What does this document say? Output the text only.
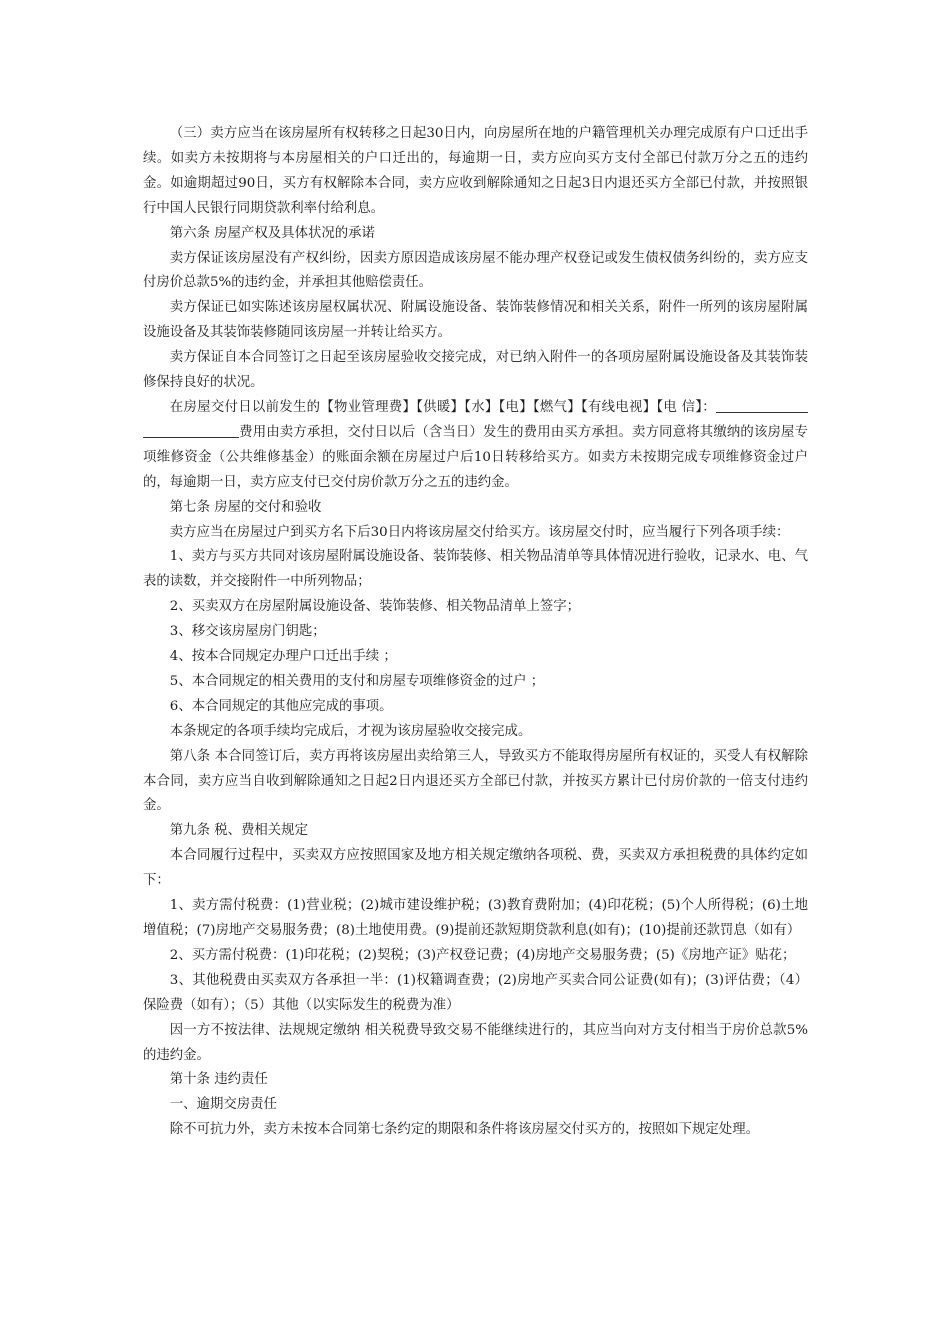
（三）卖方应当在该房屋所有权转移之日起30日内，向房屋所在地的户籍管理机关办理完成原有户口迁出手续。如卖方未按期将与本房屋相关的户口迁出的，每逾期一日，卖方应向买方支付全部已付款万分之五的违约金。如逾期超过90日，买方有权解除本合同，卖方应收到解除通知之日起3日内退还买方全部已付款，并按照银行中国人民银行同期贷款利率付给利息。

第六条 房屋产权及具体状况的承诺

卖方保证该房屋没有产权纠纷，因卖方原因造成该房屋不能办理产权登记或发生债权债务纠纷的，卖方应支付房价总款5%的违约金，并承担其他赔偿责任。

卖方保证已如实陈述该房屋权属状况、附属设施设备、装饰装修情况和相关关系，附件一所列的该房屋附属设施设备及其装饰装修随同该房屋一并转让给买方。

卖方保证自本合同签订之日起至该房屋验收交接完成，对已纳入附件一的各项房屋附属设施设备及其装饰装修保持良好的状况。

在房屋交付日以前发生的【物业管理费】【供暖】【水】【电】【燃气】【有线电视】【电 信】：费用由卖方承担，交付日以后（含当日）发生的费用由买方承担。卖方同意将其缴纳的该房屋专项维修资金（公共维修基金）的账面余额在房屋过户后10日转移给买方。如卖方未按期完成专项维修资金过户的，每逾期一日，卖方应支付已交付房价款万分之五的违约金。

第七条 房屋的交付和验收

卖方应当在房屋过户到买方名下后30日内将该房屋交付给买方。该房屋交付时，应当履行下列各项手续：

1、卖方与买方共同对该房屋附属设施设备、装饰装修、相关物品清单等具体情况进行验收，记录水、电、气表的读数，并交接附件一中所列物品；

2、买卖双方在房屋附属设施设备、装饰装修、相关物品清单上签字；

3、移交该房屋房门钥匙；

4、按本合同规定办理户口迁出手续 ；

5、本合同规定的相关费用的支付和房屋专项维修资金的过户 ；

6、本合同规定的其他应完成的事项。

本条规定的各项手续均完成后，才视为该房屋验收交接完成。

第八条 本合同签订后，卖方再将该房屋出卖给第三人，导致买方不能取得房屋所有权证的，买受人有权解除本合同，卖方应当自收到解除通知之日起2日内退还买方全部已付款，并按买方累计已付房价款的一倍支付违约金。

第九条 税、费相关规定

本合同履行过程中，买卖双方应按照国家及地方相关规定缴纳各项税、费，买卖双方承担税费的具体约定如下：

1、卖方需付税费：(1)营业税；(2)城市建设维护税；(3)教育费附加；(4)印花税；(5)个人所得税；(6)土地增值税；(7)房地产交易服务费；(8)土地使用费。(9)提前还款短期贷款利息(如有)；(10)提前还款罚息（如有）

2、买方需付税费：(1)印花税；(2)契税；(3)产权登记费；(4)房地产交易服务费；(5)《房地产证》贴花；

3、其他税费由买卖双方各承担一半：(1)权籍调查费；(2)房地产买卖合同公证费(如有)；(3)评估费；（4）保险费（如有）；（5）其他（以实际发生的税费为准）

因一方不按法律、法规规定缴纳 相关税费导致交易不能继续进行的，其应当向对方支付相当于房价总款5%的违约金。

第十条 违约责任

一、逾期交房责任

除不可抗力外，卖方未按本合同第七条约定的期限和条件将该房屋交付买方的，按照如下规定处理。
